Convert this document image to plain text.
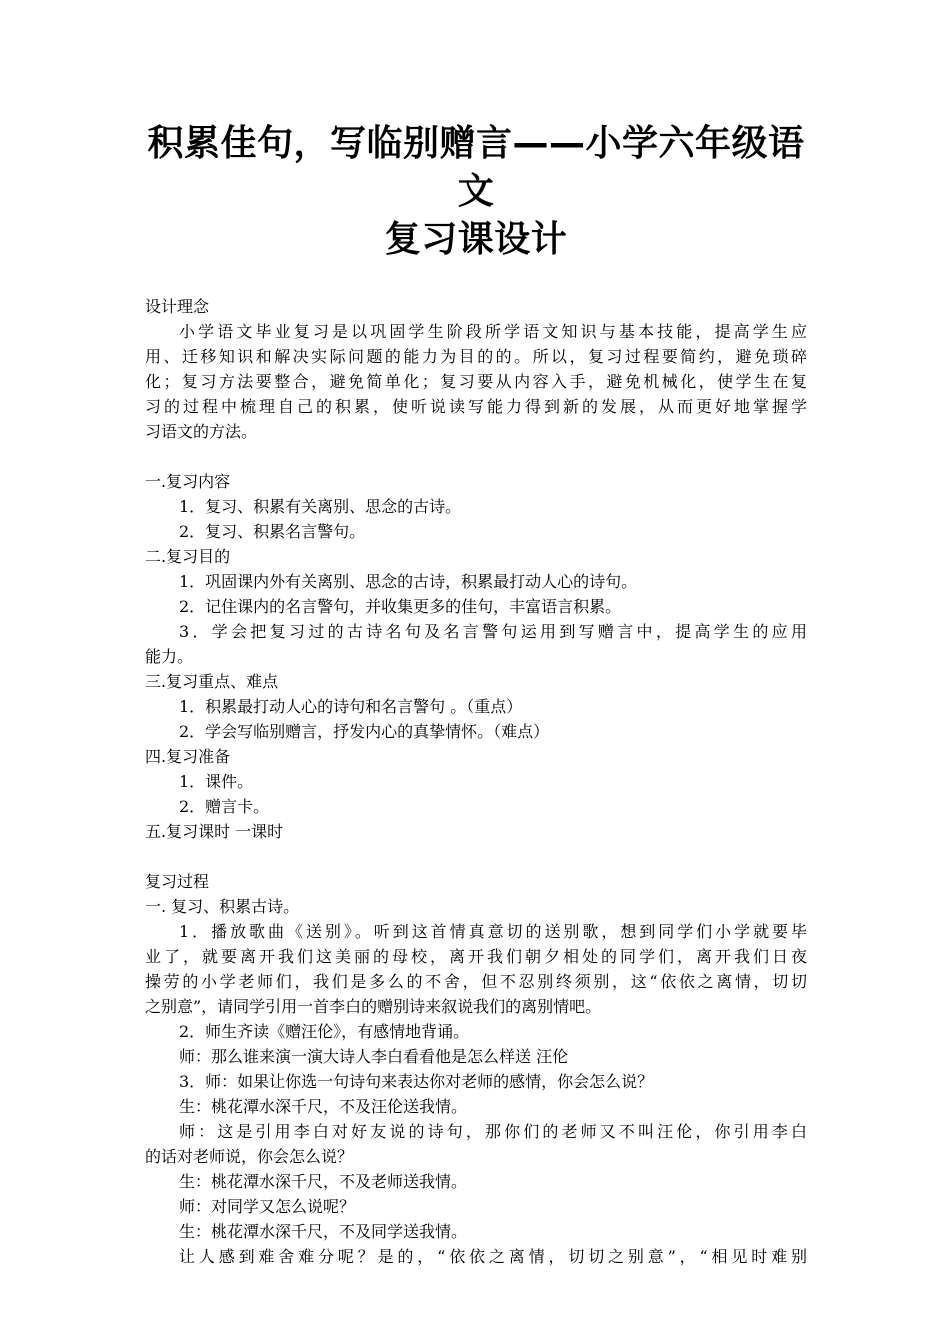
积累佳句，写临别赠言——小学六年级语文
复习课设计
设计理念
小学语文毕业复习是以巩固学生阶段所学语文知识与基本技能，提高学生应
用、迁移知识和解决实际问题的能力为目的的。所以，复习过程要简约，避免琐碎
化；复习方法要整合，避免简单化；复习要从内容入手，避免机械化，使学生在复
习的过程中梳理自己的积累，使听说读写能力得到新的发展，从而更好地掌握学
习语文的方法。
一.复习内容
1．复习、积累有关离别、思念的古诗。
2．复习、积累名言警句。
二.复习目的
1．巩固课内外有关离别、思念的古诗，积累最打动人心的诗句。
2．记住课内的名言警句，并收集更多的佳句，丰富语言积累。
3．学会把复习过的古诗名句及名言警句运用到写赠言中，提高学生的应用
能力。
三.复习重点、难点
1．积累最打动人心的诗句和名言警句 。（重点）
2．学会写临别赠言，抒发内心的真挚情怀。（难点）
四.复习准备
1．课件。
2．赠言卡。
五.复习课时 一课时
复习过程
一. 复习、积累古诗。
1．播放歌曲《送别》。听到这首情真意切的送别歌，想到同学们小学就要毕
业了，就要离开我们这美丽的母校，离开我们朝夕相处的同学们，离开我们日夜
操劳的小学老师们，我们是多么的不舍，但不忍别终须别，这“依依之离情，切切
之别意”，请同学引用一首李白的赠别诗来叙说我们的离别情吧。
2．师生齐读《赠汪伦》，有感情地背诵。
师：那么谁来演一演大诗人李白看看他是怎么样送 汪伦
3．师：如果让你选一句诗句来表达你对老师的感情，你会怎么说？
生：桃花潭水深千尺，不及汪伦送我情。
师：这是引用李白对好友说的诗句，那你们的老师又不叫汪伦，你引用李白
的话对老师说，你会怎么说？
生：桃花潭水深千尺，不及老师送我情。
师：对同学又怎么说呢？
生：桃花潭水深千尺，不及同学送我情。
让人感到难舍难分呢？是的，“依依之离情，切切之别意”，“相见时难别
